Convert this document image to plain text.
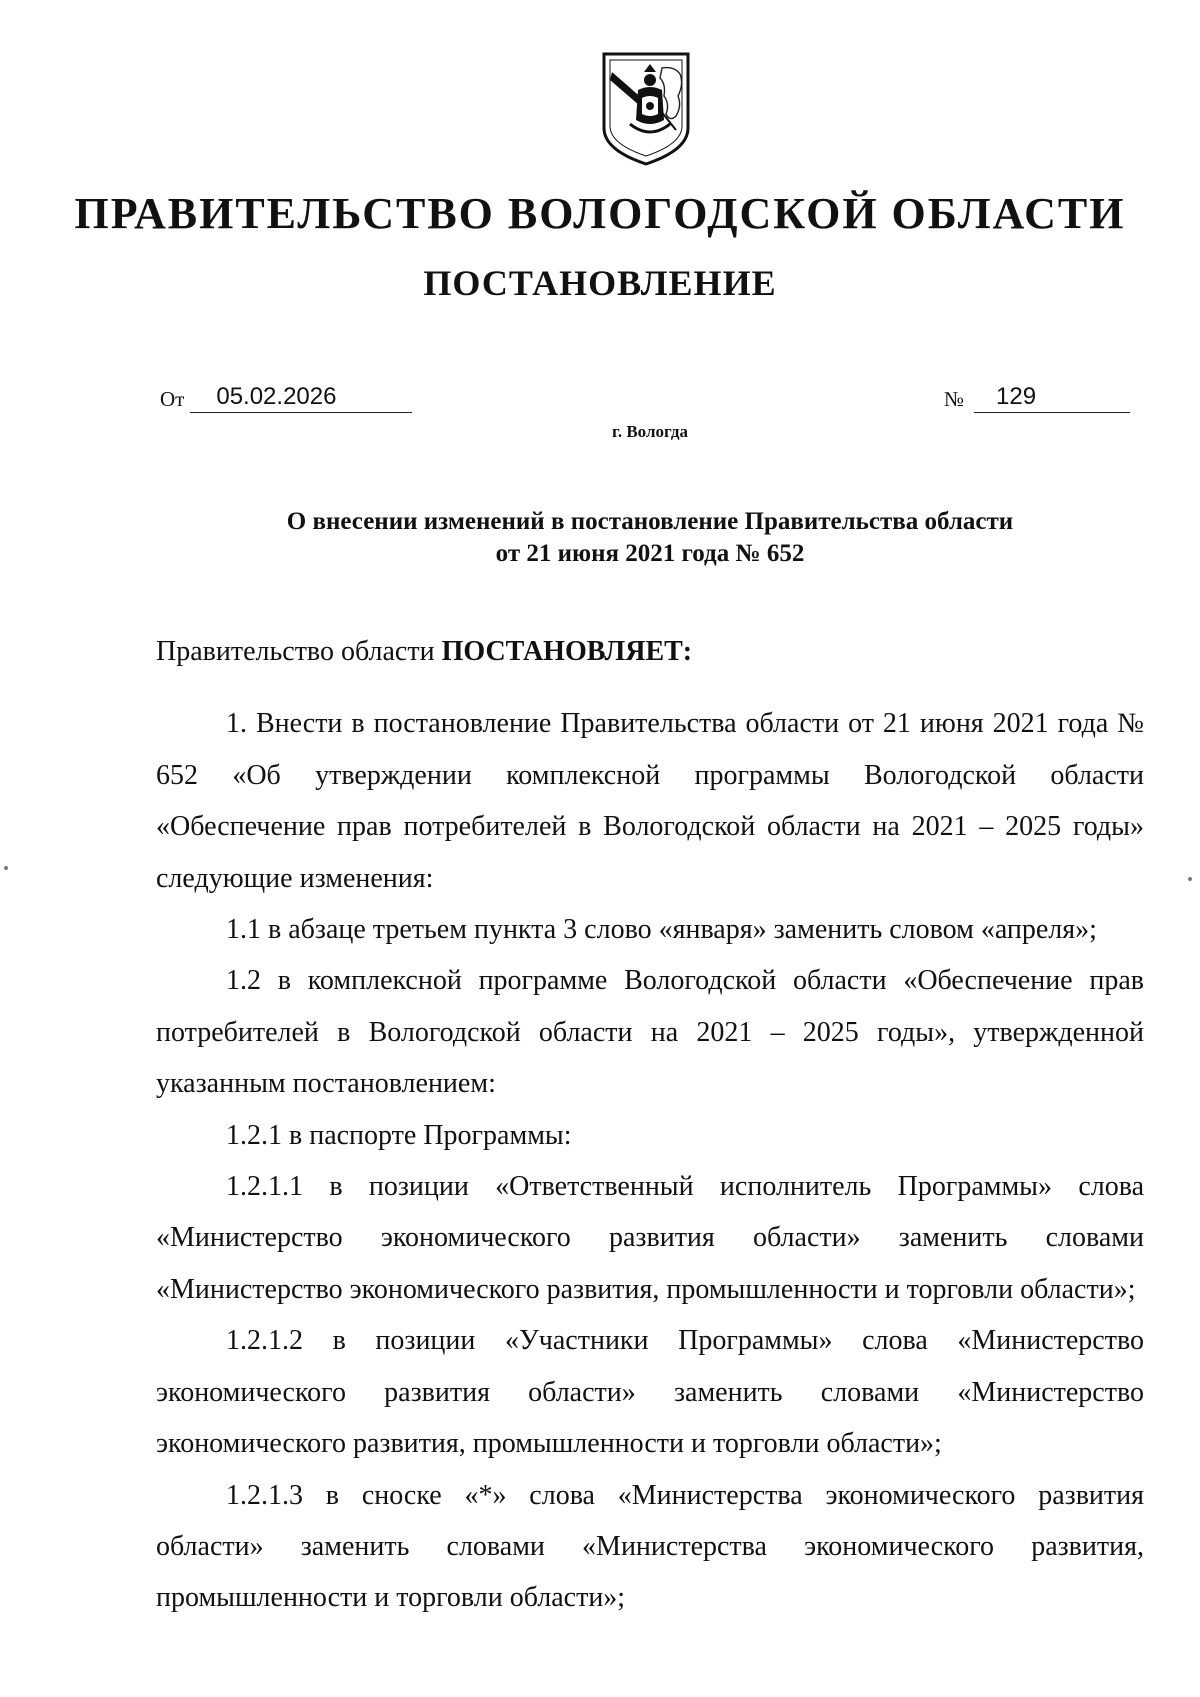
ПРАВИТЕЛЬСТВО ВОЛОГОДСКОЙ ОБЛАСТИ
ПОСТАНОВЛЕНИЕ
От	05.02.2026	№	129
г. Вологда
О внесении изменений в постановление Правительства области
от 21 июня 2021 года № 652

Правительство области ПОСТАНОВЛЯЕТ:

1. Внести в постановление Правительства области от 21 июня 2021 года № 652 «Об утверждении комплексной программы Вологодской области «Обеспечение прав потребителей в Вологодской области на 2021 – 2025 годы» следующие изменения:

1.1 в абзаце третьем пункта 3 слово «января» заменить словом «апреля»;

1.2 в комплексной программе Вологодской области «Обеспечение прав потребителей в Вологодской области на 2021 – 2025 годы», утвержденной указанным постановлением:

1.2.1 в паспорте Программы:

1.2.1.1 в позиции «Ответственный исполнитель Программы» слова «Министерство экономического развития области» заменить словами «Министерство экономического развития, промышленности и торговли области»;

1.2.1.2 в позиции «Участники Программы» слова «Министерство экономического развития области» заменить словами «Министерство экономического развития, промышленности и торговли области»;

1.2.1.3 в сноске «*» слова «Министерства экономического развития области» заменить словами «Министерства экономического развития, промышленности и торговли области»;
